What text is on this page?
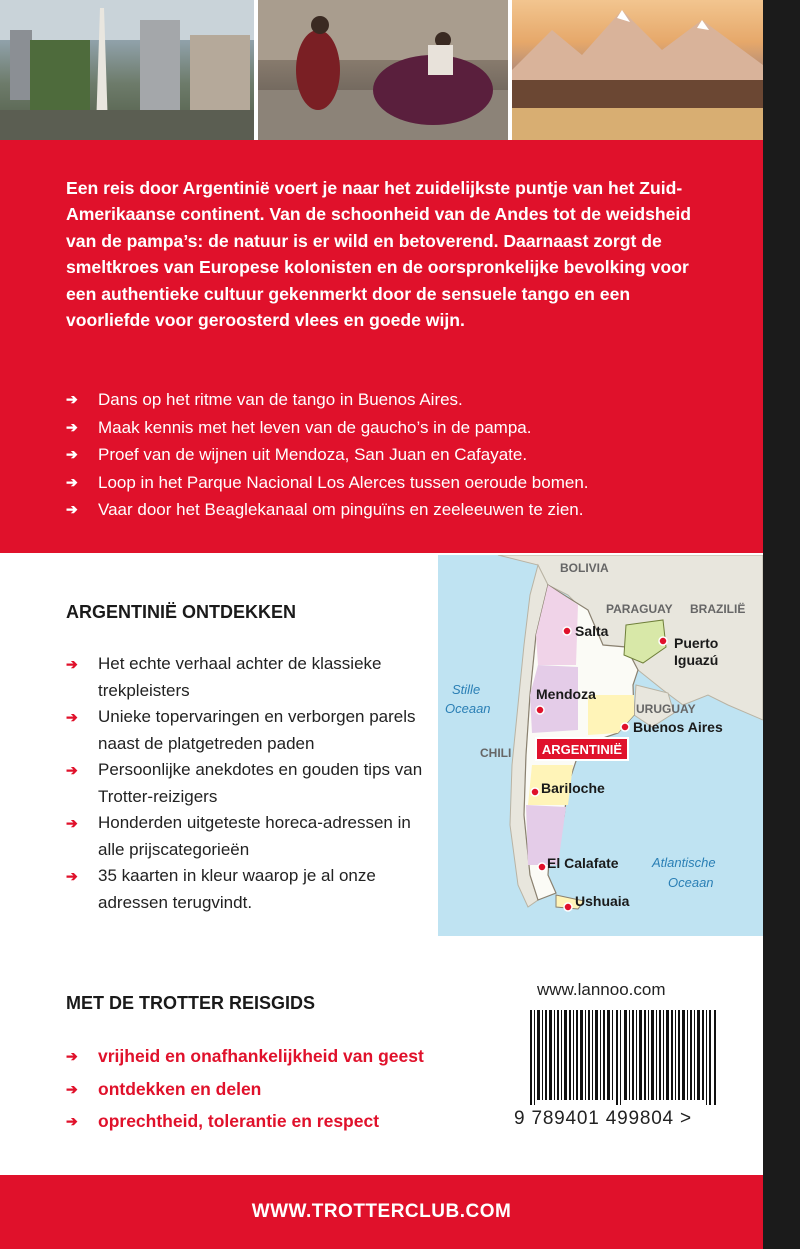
Een reis door Argentinië voert je naar het zuidelijkste puntje van het Zuid-Amerikaanse continent. Van de schoonheid van de Andes tot de weidsheid van de pampa’s: de natuur is er wild en betoverend. Daarnaast zorgt de smeltkroes van Europese kolonisten en de oorspronkelijke bevolking voor een authentieke cultuur gekenmerkt door de sensuele tango en een voorliefde voor geroosterd vlees en goede wijn.

➔ Dans op het ritme van de tango in Buenos Aires.
➔ Maak kennis met het leven van de gaucho’s in de pampa.
➔ Proef van de wijnen uit Mendoza, San Juan en Cafayate.
➔ Loop in het Parque Nacional Los Alerces tussen oeroude bomen.
➔ Vaar door het Beaglekanaal om pinguïns en zeeleeuwen te zien.
ARGENTINIË ONTDEKKEN
➔ Het echte verhaal achter de klassieke trekpleisters
➔ Unieke topervaringen en verborgen parels naast de platgetreden paden
➔ Persoonlijke anekdotes en gouden tips van Trotter-reizigers
➔ Honderden uitgeteste horeca-adressen in alle prijscategorieën
➔ 35 kaarten in kleur waarop je al onze adressen terugvindt.
BOLIVIA
PARAGUAY BRAZILIË
URUGUAY
CHILI
Stille
Oceaan
Atlantische
Oceaan
ARGENTINIË
Salta
Puerto
Iguazú
Mendoza
Buenos Aires
Bariloche
El Calafate
Ushuaia
MET DE TROTTER REISGIDS
➔ vrijheid en onafhankelijkheid van geest
➔ ontdekken en delen
➔ oprechtheid, tolerantie en respect
www.lannoo.com
9 789401 499804 >
WWW.TROTTERCLUB.COM
